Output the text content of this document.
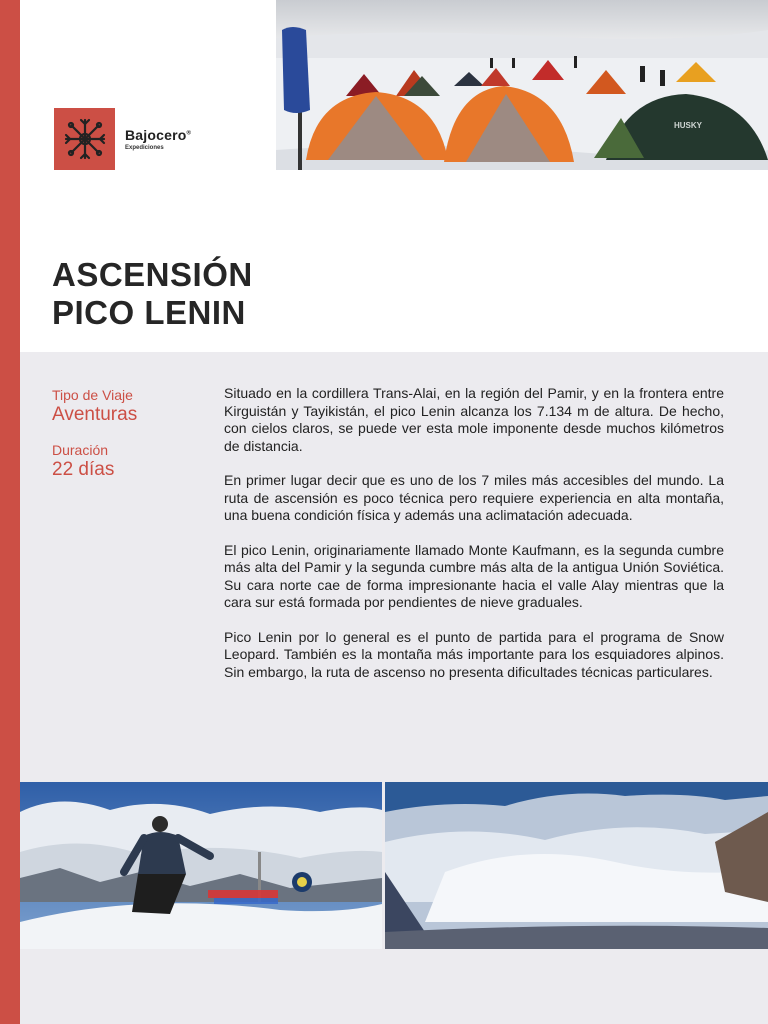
Bajocero®
Expediciones
HUSKY
ASCENSIÓN
PICO LENIN
Tipo de Viaje
Aventuras
Duración
22 días

Situado en la cordillera Trans-Alai, en la región del Pamir, y en la frontera entre Kirguistán y Tayikistán, el pico Lenin alcanza los 7.134 m de altura. De hecho, con cielos claros, se puede ver esta mole imponente desde muchos kilómetros de distancia.

En primer lugar decir que es uno de los 7 miles más accesibles del mundo. La ruta de ascensión es poco técnica pero requiere experiencia en alta montaña, una buena condición física y además una aclimatación adecuada.

El pico Lenin, originariamente llamado Monte Kaufmann, es la segunda cumbre más alta del Pamir y la segunda cumbre más alta de la antigua Unión Soviética. Su cara norte cae de forma impresionante hacia el valle Alay mientras que la cara sur está formada por pendientes de nieve graduales.

Pico Lenin por lo general es el punto de partida para el programa de Snow Leopard. También es la montaña más importante para los esquiadores alpinos. Sin embargo, la ruta de ascenso no presenta dificultades técnicas particulares.
